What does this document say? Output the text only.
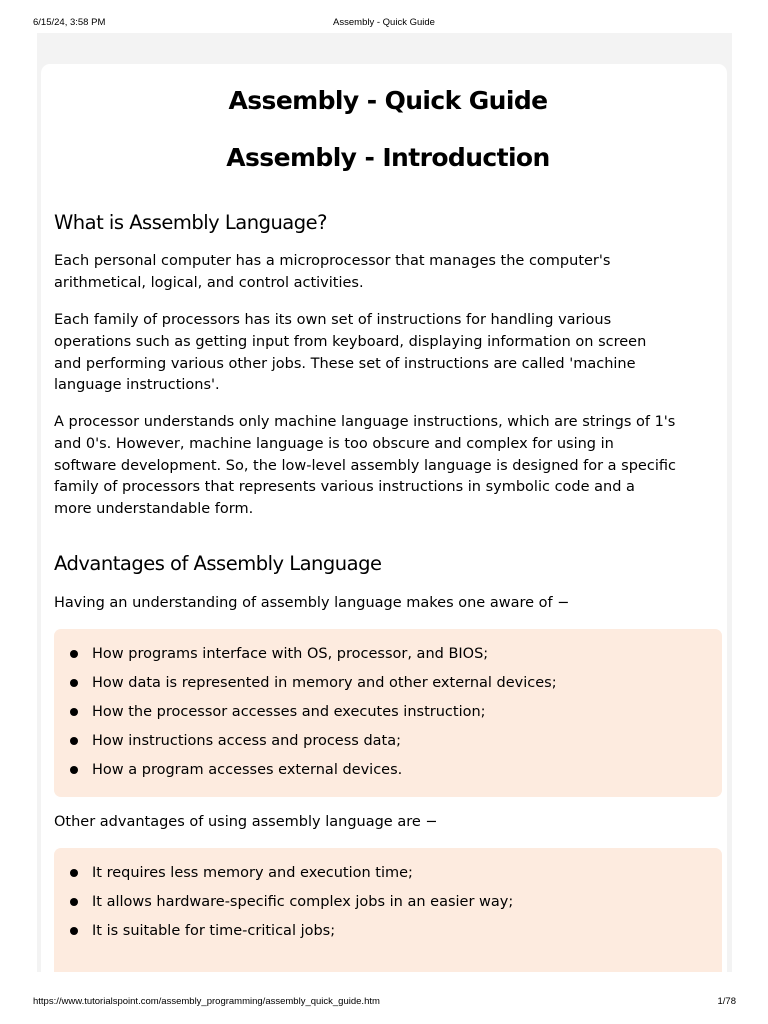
6/15/24, 3:58 PM	Assembly - Quick Guide
Assembly - Quick Guide
Assembly - Introduction
What is Assembly Language?

Each personal computer has a microprocessor that manages the computer's
arithmetical, logical, and control activities.

Each family of processors has its own set of instructions for handling various
operations such as getting input from keyboard, displaying information on screen
and performing various other jobs. These set of instructions are called 'machine
language instructions'.

A processor understands only machine language instructions, which are strings of 1's
and 0's. However, machine language is too obscure and complex for using in
software development. So, the low-level assembly language is designed for a specific
family of processors that represents various instructions in symbolic code and a
more understandable form.

Advantages of Assembly Language

Having an understanding of assembly language makes one aware of −

How programs interface with OS, processor, and BIOS;
How data is represented in memory and other external devices;
How the processor accesses and executes instruction;
How instructions access and process data;
How a program accesses external devices.

Other advantages of using assembly language are −

It requires less memory and execution time;
It allows hardware-specific complex jobs in an easier way;
It is suitable for time-critical jobs;
https://www.tutorialspoint.com/assembly_programming/assembly_quick_guide.htm	1/78
